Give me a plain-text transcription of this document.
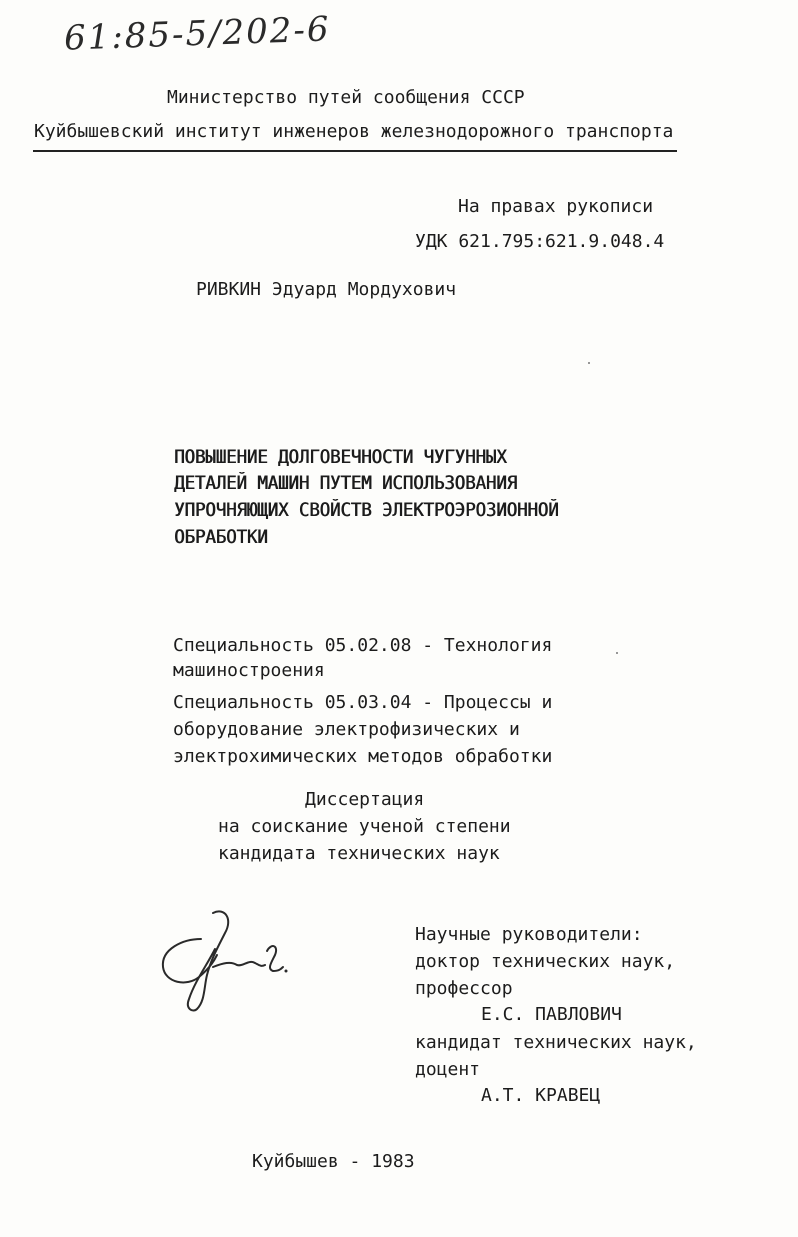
61:85-5/202-6
Министерство путей сообщения СССР
Куйбышевский институт инженеров железнодорожного транспорта
На правах рукописи
УДК 621.795:621.9.048.4
РИВКИН Эдуард Мордухович
ПОВЫШЕНИЕ ДОЛГОВЕЧНОСТИ ЧУГУННЫХ
ДЕТАЛЕЙ МАШИН ПУТЕМ ИСПОЛЬЗОВАНИЯ
УПРОЧНЯЮЩИХ СВОЙСТВ ЭЛЕКТРОЭРОЗИОННОЙ
ОБРАБОТКИ
Специальность 05.02.08 - Технология
машиностроения
Специальность 05.03.04 - Процессы и
оборудование электрофизических и
электрохимических методов обработки
Диссертация
на соискание ученой степени
кандидата технических наук
Научные руководители:
доктор технических наук,
профессор
Е.С. ПАВЛОВИЧ
кандидат технических наук,
доцент
А.Т. КРАВЕЦ
Куйбышев - 1983
